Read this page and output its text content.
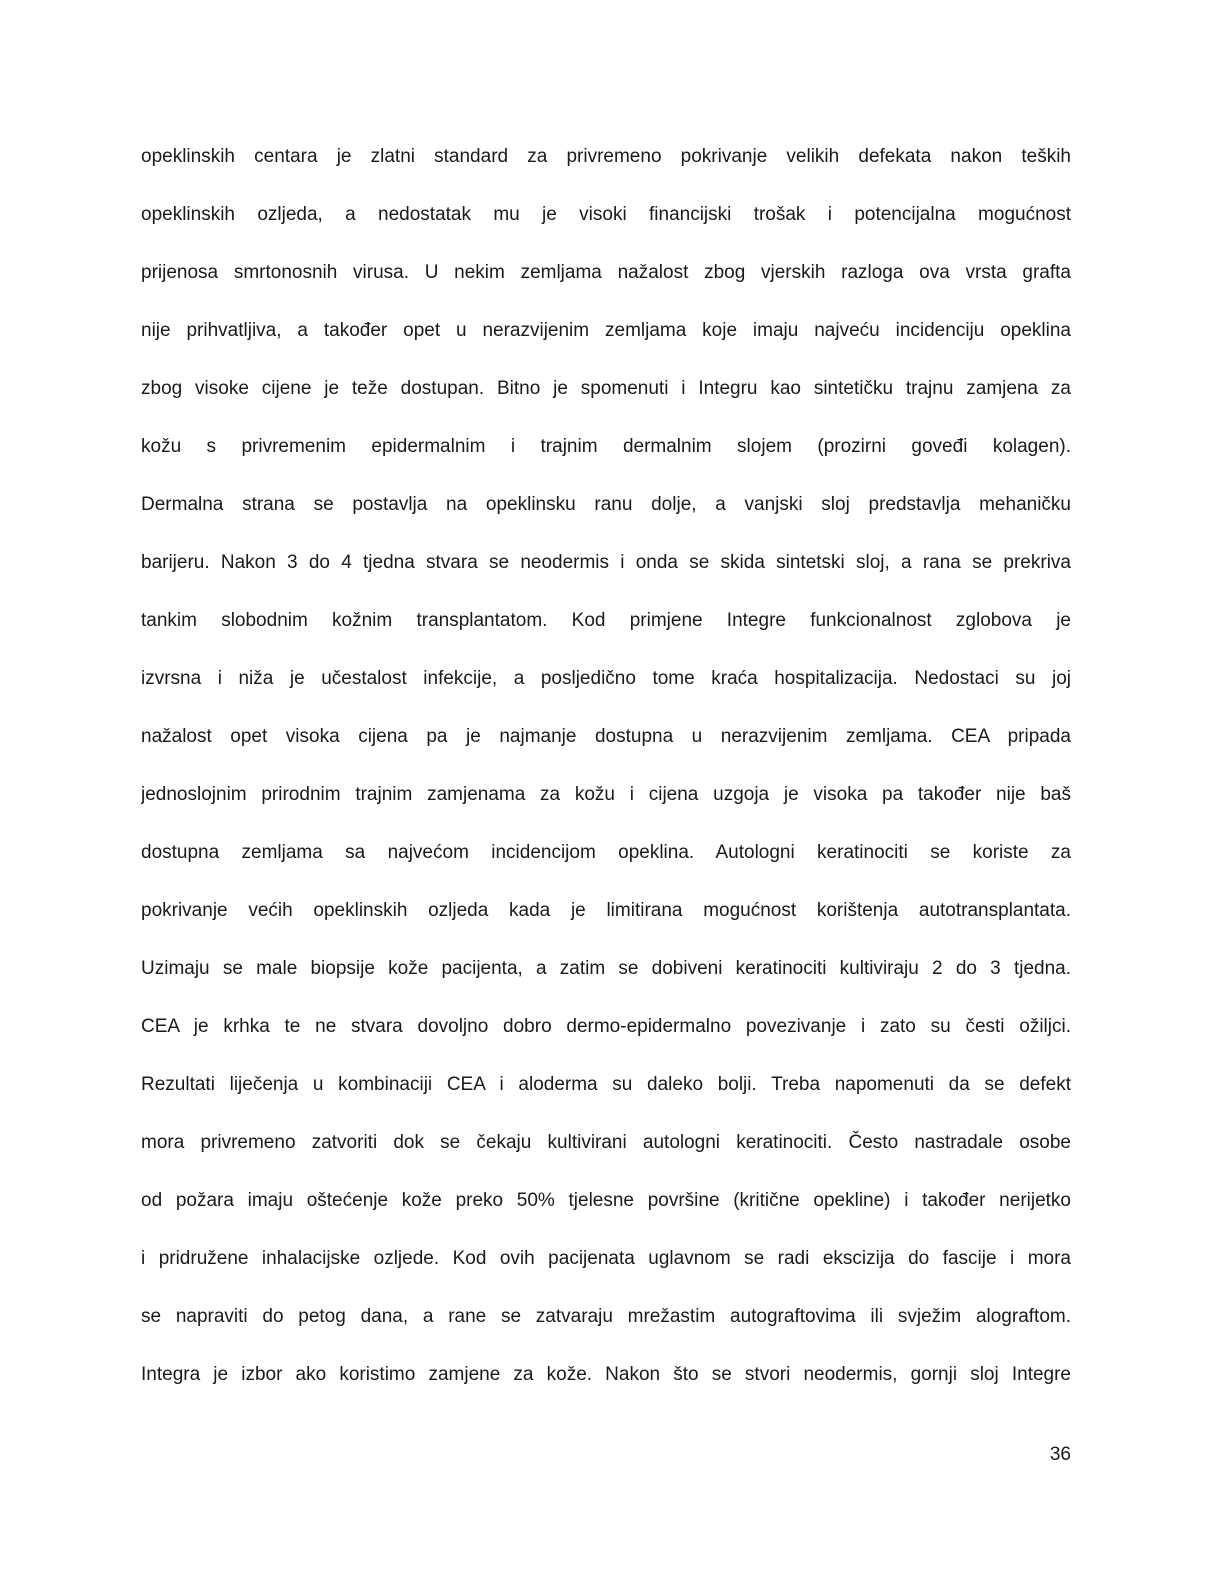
opeklinskih centara je zlatni standard za privremeno pokrivanje velikih defekata nakon teških
opeklinskih ozljeda, a nedostatak mu je visoki financijski trošak i potencijalna mogućnost
prijenosa smrtonosnih virusa. U nekim zemljama nažalost zbog vjerskih razloga ova vrsta grafta
nije prihvatljiva, a također opet u nerazvijenim zemljama koje imaju najveću incidenciju opeklina
zbog visoke cijene je teže dostupan. Bitno je spomenuti i Integru kao sintetičku trajnu zamjena za
kožu s privremenim epidermalnim i trajnim dermalnim slojem (prozirni goveđi kolagen).
Dermalna strana se postavlja na opeklinsku ranu dolje, a vanjski sloj predstavlja mehaničku
barijeru. Nakon 3 do 4 tjedna stvara se neodermis i onda se skida sintetski sloj, a rana se prekriva
tankim slobodnim kožnim transplantatom. Kod primjene Integre funkcionalnost zglobova je
izvrsna i niža je učestalost infekcije, a posljedično tome kraća hospitalizacija. Nedostaci su joj
nažalost opet visoka cijena pa je najmanje dostupna u nerazvijenim zemljama. CEA pripada
jednoslojnim prirodnim trajnim zamjenama za kožu i cijena uzgoja je visoka pa također nije baš
dostupna zemljama sa najvećom incidencijom opeklina. Autologni keratinociti se koriste za
pokrivanje većih opeklinskih ozljeda kada je limitirana mogućnost korištenja autotransplantata.
Uzimaju se male biopsije kože pacijenta, a zatim se dobiveni keratinociti kultiviraju 2 do 3 tjedna.
CEA je krhka te ne stvara dovoljno dobro dermo-epidermalno povezivanje i zato su česti ožiljci.
Rezultati liječenja u kombinaciji CEA i aloderma su daleko bolji. Treba napomenuti da se defekt
mora privremeno zatvoriti dok se čekaju kultivirani autologni keratinociti. Često nastradale osobe
od požara imaju oštećenje kože preko 50% tjelesne površine (kritične opekline) i također nerijetko
i pridružene inhalacijske ozljede. Kod ovih pacijenata uglavnom se radi ekscizija do fascije i mora
se napraviti do petog dana, a rane se zatvaraju mrežastim autograftovima ili svježim alograftom.
Integra je izbor ako koristimo zamjene za kože. Nakon što se stvori neodermis, gornji sloj Integre
36
